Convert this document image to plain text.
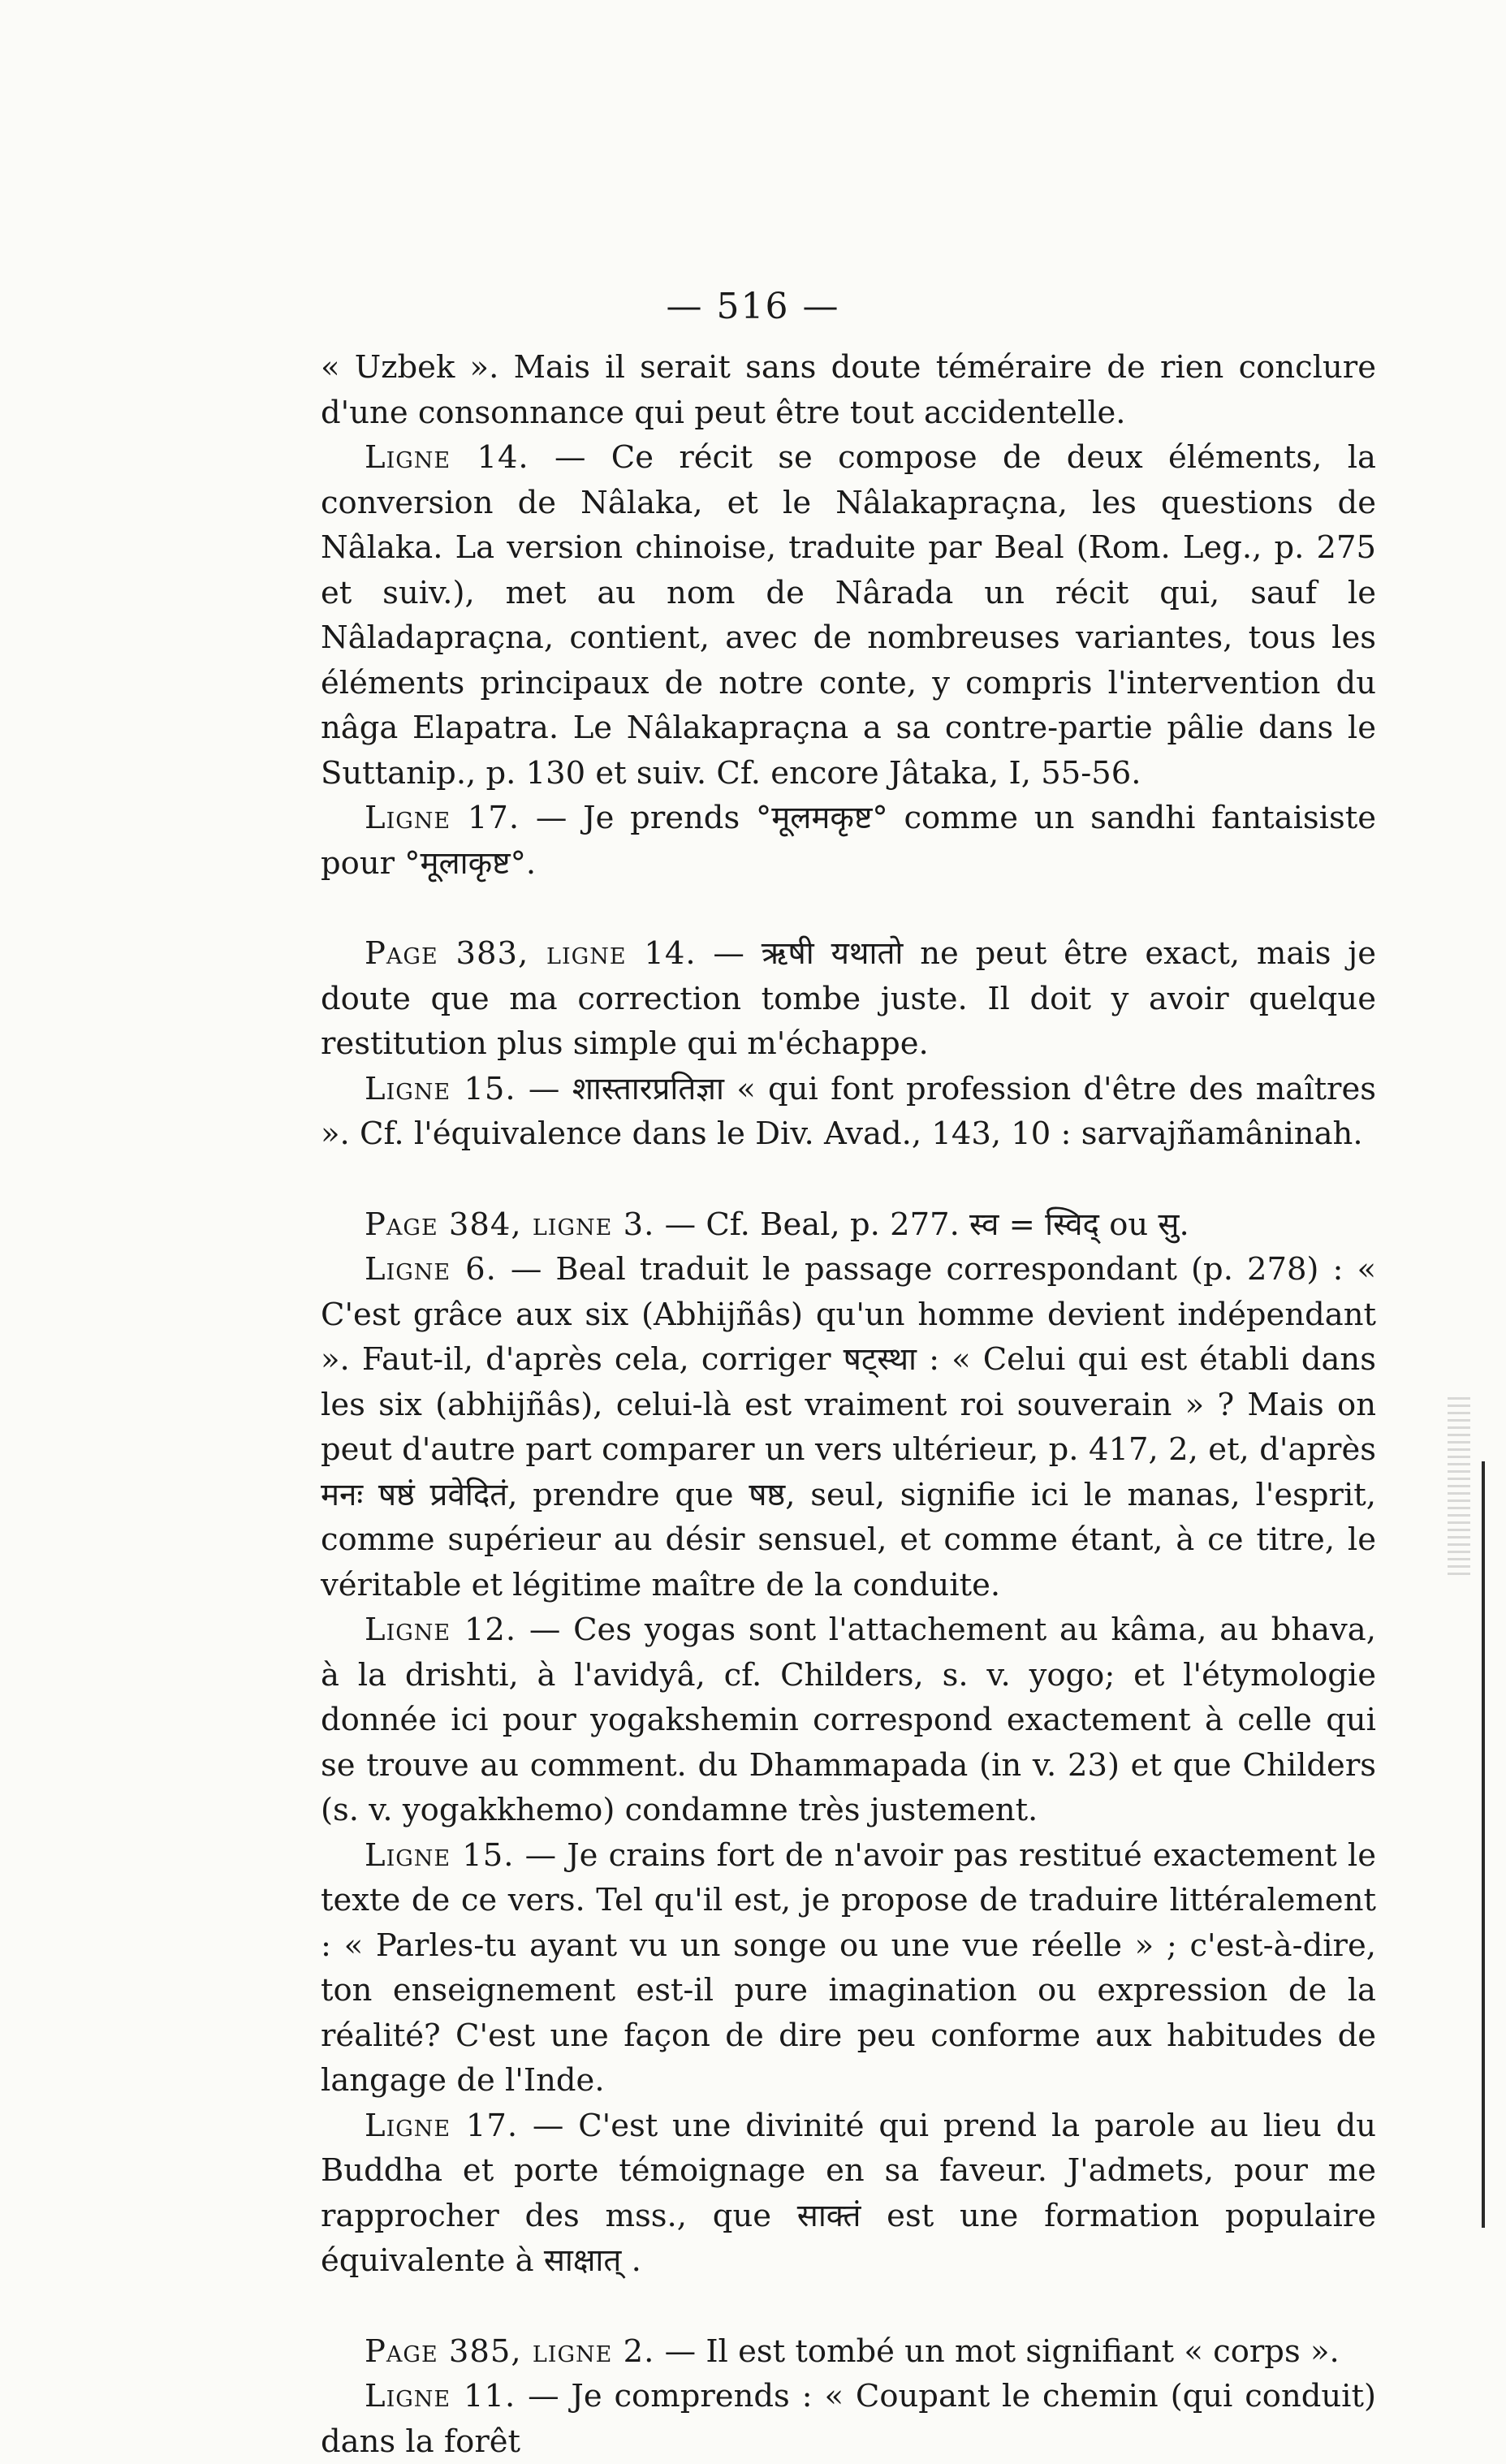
— 516 —

« Uzbek ». Mais il serait sans doute téméraire de rien conclure d'une consonnance qui peut être tout accidentelle.

Ligne 14. — Ce récit se compose de deux éléments, la conversion de Nâlaka, et le Nâlakapraçna, les questions de Nâlaka. La version chinoise, traduite par Beal (Rom. Leg., p. 275 et suiv.), met au nom de Nârada un récit qui, sauf le Nâladapraçna, contient, avec de nombreuses variantes, tous les éléments principaux de notre conte, y compris l'intervention du nâga Elapatra. Le Nâlakapraçna a sa contre-partie pâlie dans le Suttanip., p. 130 et suiv. Cf. encore Jâtaka, I, 55-56.

Ligne 17. — Je prends °मूलमकृष्ट° comme un sandhi fantaisiste pour °मूलाकृष्ट°.

Page 383, ligne 14. — ऋषी यथातो ne peut être exact, mais je doute que ma correction tombe juste. Il doit y avoir quelque restitution plus simple qui m'échappe.

Ligne 15. — शास्तारप्रतिज्ञा « qui font profession d'être des maîtres ». Cf. l'équivalence dans le Div. Avad., 143, 10 : sarvajñamâninah.

Page 384, ligne 3. — Cf. Beal, p. 277. स्व = स्विद् ou सु.

Ligne 6. — Beal traduit le passage correspondant (p. 278) : « C'est grâce aux six (Abhijñâs) qu'un homme devient indépendant ». Faut-il, d'après cela, corriger षट्स्था : « Celui qui est établi dans les six (abhijñâs), celui-là est vraiment roi souverain » ? Mais on peut d'autre part comparer un vers ultérieur, p. 417, 2, et, d'après मनः षष्ठं प्रवेदितं, prendre que षष्ठ, seul, signifie ici le manas, l'esprit, comme supérieur au désir sensuel, et comme étant, à ce titre, le véritable et légitime maître de la conduite.

Ligne 12. — Ces yogas sont l'attachement au kâma, au bhava, à la drishti, à l'avidyâ, cf. Childers, s. v. yogo; et l'étymologie donnée ici pour yogakshemin correspond exactement à celle qui se trouve au comment. du Dhammapada (in v. 23) et que Childers (s. v. yogakkhemo) condamne très justement.

Ligne 15. — Je crains fort de n'avoir pas restitué exactement le texte de ce vers. Tel qu'il est, je propose de traduire littéralement : « Parles-tu ayant vu un songe ou une vue réelle » ; c'est-à-dire, ton enseignement est-il pure imagination ou expression de la réalité? C'est une façon de dire peu conforme aux habitudes de langage de l'Inde.

Ligne 17. — C'est une divinité qui prend la parole au lieu du Buddha et porte témoignage en sa faveur. J'admets, pour me rapprocher des mss., que साक्तं est une formation populaire équivalente à साक्षात् .

Page 385, ligne 2. — Il est tombé un mot signifiant « corps ».

Ligne 11. — Je comprends : « Coupant le chemin (qui conduit) dans la forêt
